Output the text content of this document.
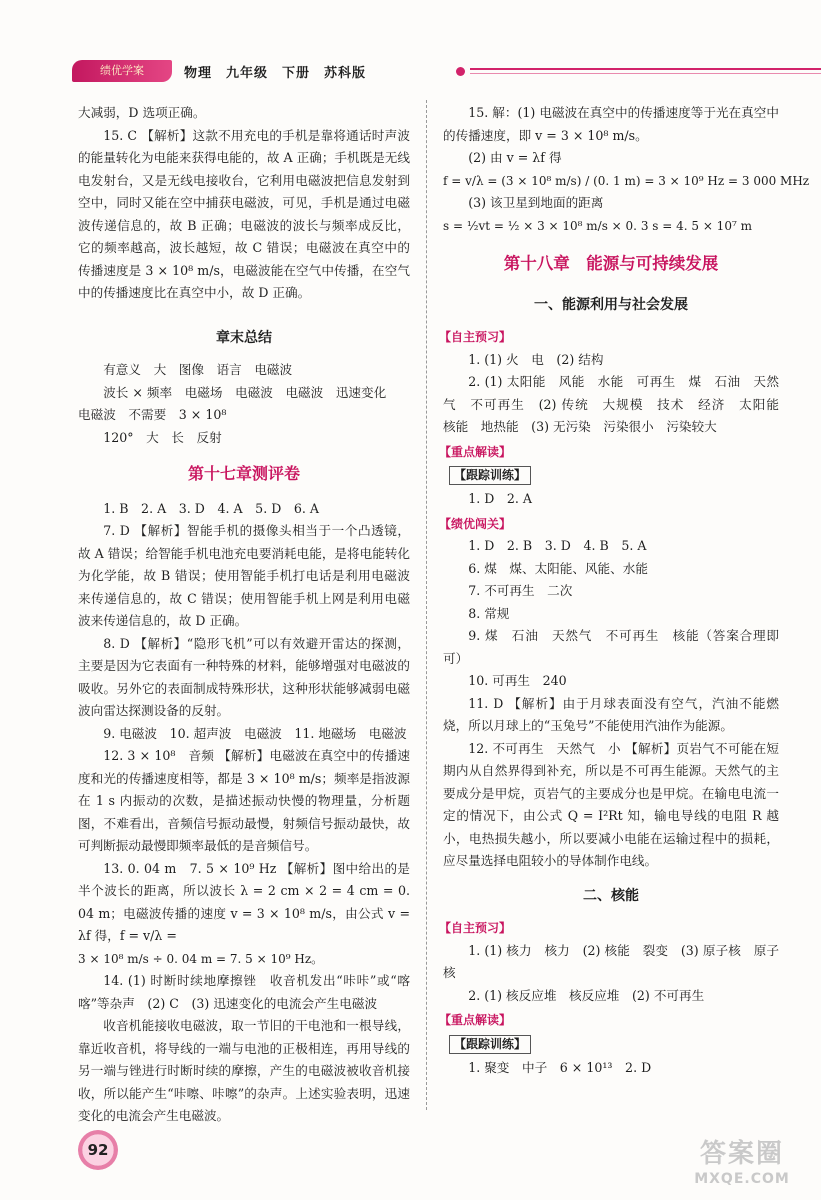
绩优学案	物理　九年级　下册　苏科版

大减弱，D 选项正确。

15. C 【解析】这款不用充电的手机是靠将通话时声波的能量转化为电能来获得电能的，故 A 正确；手机既是无线电发射台，又是无线电接收台，它利用电磁波把信息发射到空中，同时又能在空中捕获电磁波，可见，手机是通过电磁波传递信息的，故 B 正确；电磁波的波长与频率成反比，它的频率越高，波长越短，故 C 错误；电磁波在真空中的传播速度是 3 × 10⁸ m/s，电磁波能在空气中传播，在空气中的传播速度比在真空中小，故 D 正确。

章末总结

有意义　大　图像　语言　电磁波

波长 × 频率　电磁场　电磁波　电磁波　迅速变化

电磁波　不需要　3 × 10⁸

120°　大　长　反射

第十七章测评卷

1. B　2. A　3. D　4. A　5. D　6. A

7. D 【解析】智能手机的摄像头相当于一个凸透镜，故 A 错误；给智能手机电池充电要消耗电能，是将电能转化为化学能，故 B 错误；使用智能手机打电话是利用电磁波来传递信息的，故 C 错误；使用智能手机上网是利用电磁波来传递信息的，故 D 正确。

8. D 【解析】“隐形飞机”可以有效避开雷达的探测，主要是因为它表面有一种特殊的材料，能够增强对电磁波的吸收。另外它的表面制成特殊形状，这种形状能够减弱电磁波向雷达探测设备的反射。

9. 电磁波　10. 超声波　电磁波　11. 地磁场　电磁波

12. 3 × 10⁸　音频 【解析】电磁波在真空中的传播速度和光的传播速度相等，都是 3 × 10⁸ m/s；频率是指波源在 1 s 内振动的次数，是描述振动快慢的物理量，分析题图，不难看出，音频信号振动最慢，射频信号振动最快，故可判断振动最慢即频率最低的是音频信号。

13. 0. 04 m　7. 5 × 10⁹ Hz 【解析】图中给出的是半个波长的距离，所以波长 λ = 2 cm × 2 = 4 cm = 0. 04 m；电磁波传播的速度 v = 3 × 10⁸ m/s，由公式 v = λf 得，f = v/λ =

3 × 10⁸ m/s ÷ 0. 04 m = 7. 5 × 10⁹ Hz。

14. (1) 时断时续地摩擦锉　收音机发出“咔咔”或“喀喀”等杂声　(2) C　(3) 迅速变化的电流会产生电磁波

收音机能接收电磁波，取一节旧的干电池和一根导线，靠近收音机，将导线的一端与电池的正极相连，再用导线的另一端与锉进行时断时续的摩擦，产生的电磁波被收音机接收，所以能产生“咔嚓、咔嚓”的杂声。上述实验表明，迅速变化的电流会产生电磁波。

15. 解：(1) 电磁波在真空中的传播速度等于光在真空中的传播速度，即 v = 3 × 10⁸ m/s。

(2) 由 v = λf 得

f = v/λ = (3 × 10⁸ m/s) / (0. 1 m) = 3 × 10⁹ Hz = 3 000 MHz

(3) 该卫星到地面的距离

s = ½vt = ½ × 3 × 10⁸ m/s × 0. 3 s = 4. 5 × 10⁷ m

第十八章　能源与可持续发展
一、能源利用与社会发展
【自主预习】

1. (1) 火　电　(2) 结构

2. (1) 太阳能　风能　水能　可再生　煤　石油　天然气　不可再生　(2) 传统　大规模　技术　经济　太阳能　核能　地热能　(3) 无污染　污染很小　污染较大

【重点解读】
【跟踪训练】

1. D　2. A

【绩优闯关】

1. D　2. B　3. D　4. B　5. A

6. 煤　煤、太阳能、风能、水能

7. 不可再生　二次

8. 常规

9. 煤　石油　天然气　不可再生　核能（答案合理即可）

10. 可再生　240

11. D 【解析】由于月球表面没有空气，汽油不能燃烧，所以月球上的“玉兔号”不能使用汽油作为能源。

12. 不可再生　天然气　小 【解析】页岩气不可能在短期内从自然界得到补充，所以是不可再生能源。天然气的主要成分是甲烷，页岩气的主要成分也是甲烷。在输电电流一定的情况下，由公式 Q = I²Rt 知，输电导线的电阻 R 越小，电热损失越小，所以要减小电能在运输过程中的损耗，应尽量选择电阻较小的导体制作电线。

二、核能
【自主预习】

1. (1) 核力　核力　(2) 核能　裂变　(3) 原子核　原子核

2. (1) 核反应堆　核反应堆　(2) 不可再生

【重点解读】
【跟踪训练】

1. 聚变　中子　6 × 10¹³　2. D

92	答案圈
MXQE.COM
